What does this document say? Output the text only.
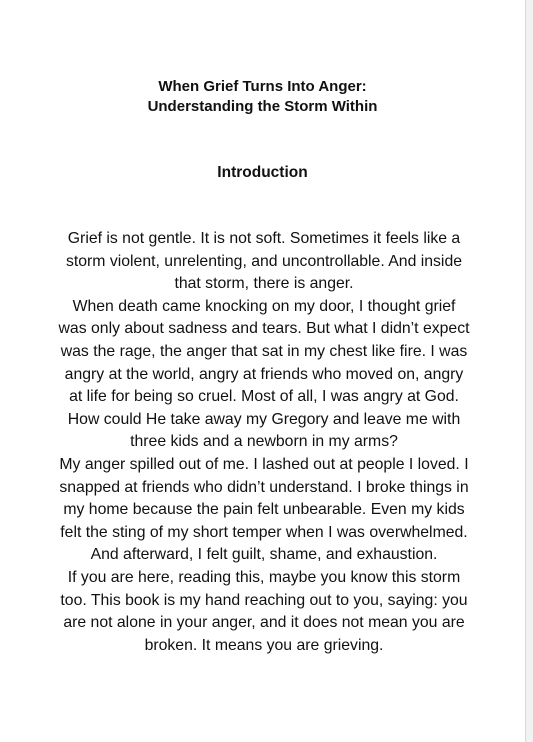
When Grief Turns Into Anger:
Understanding the Storm Within
Introduction
Grief is not gentle. It is not soft. Sometimes it feels like a
storm violent, unrelenting, and uncontrollable. And inside
that storm, there is anger.
When death came knocking on my door, I thought grief
was only about sadness and tears. But what I didn’t expect
was the rage, the anger that sat in my chest like fire. I was
angry at the world, angry at friends who moved on, angry
at life for being so cruel. Most of all, I was angry at God.
How could He take away my Gregory and leave me with
three kids and a newborn in my arms?
My anger spilled out of me. I lashed out at people I loved. I
snapped at friends who didn’t understand. I broke things in
my home because the pain felt unbearable. Even my kids
felt the sting of my short temper when I was overwhelmed.
And afterward, I felt guilt, shame, and exhaustion.
If you are here, reading this, maybe you know this storm
too. This book is my hand reaching out to you, saying: you
are not alone in your anger, and it does not mean you are
broken. It means you are grieving.
